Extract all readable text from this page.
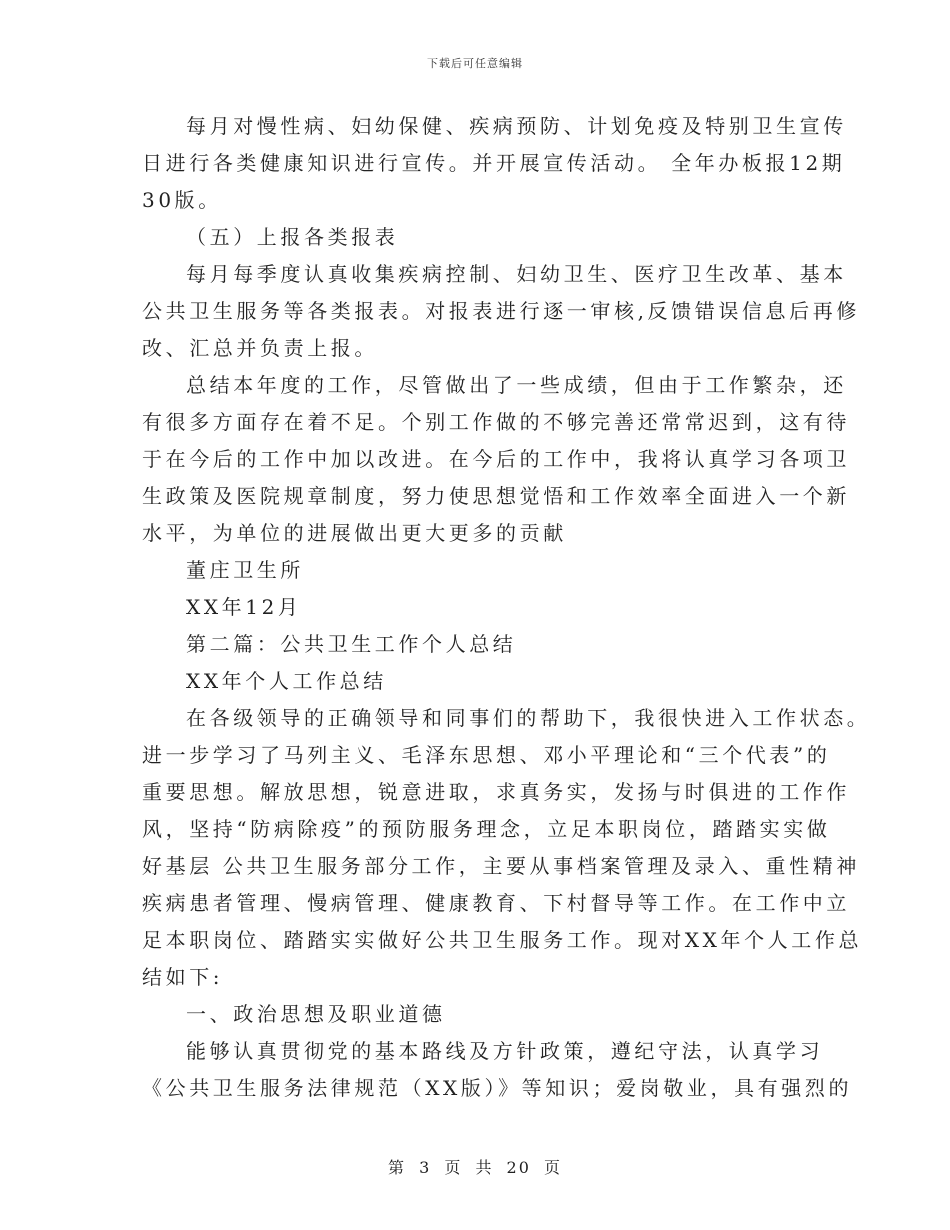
下载后可任意编辑
每月对慢性病、妇幼保健、疾病预防、计划免疫及特别卫生宣传
日进行各类健康知识进行宣传。并开展宣传活动。 全年办板报12期
30版。
（五）上报各类报表
每月每季度认真收集疾病控制、妇幼卫生、医疗卫生改革、基本
公共卫生服务等各类报表。对报表进行逐一审核,反馈错误信息后再修
改、汇总并负责上报。
总结本年度的工作，尽管做出了一些成绩，但由于工作繁杂，还
有很多方面存在着不足。个别工作做的不够完善还常常迟到，这有待
于在今后的工作中加以改进。在今后的工作中，我将认真学习各项卫
生政策及医院规章制度，努力使思想觉悟和工作效率全面进入一个新
水平，为单位的进展做出更大更多的贡献
董庄卫生所
XX年12月
第二篇：公共卫生工作个人总结
XX年个人工作总结
在各级领导的正确领导和同事们的帮助下，我很快进入工作状态。
进一步学习了马列主义、毛泽东思想、邓小平理论和“三个代表”的
重要思想。解放思想，锐意进取，求真务实，发扬与时俱进的工作作
风，坚持“防病除疫”的预防服务理念，立足本职岗位，踏踏实实做
好基层 公共卫生服务部分工作，主要从事档案管理及录入、重性精神
疾病患者管理、慢病管理、健康教育、下村督导等工作。在工作中立
足本职岗位、踏踏实实做好公共卫生服务工作。现对XX年个人工作总
结如下:
一、政治思想及职业道德
能够认真贯彻党的基本路线及方针政策，遵纪守法，认真学习
《公共卫生服务法律规范（XX版）》等知识；爱岗敬业，具有强烈的
第 3 页 共 20 页
